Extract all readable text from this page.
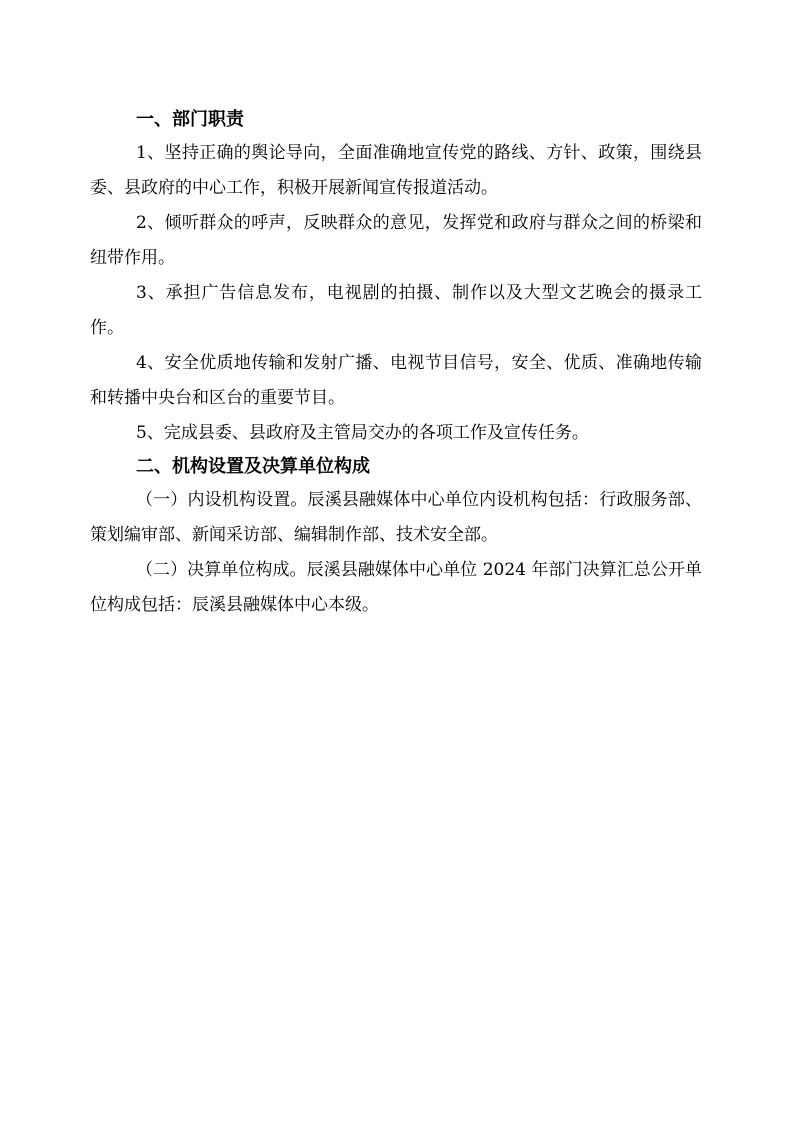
一、部门职责

1、坚持正确的舆论导向，全面准确地宣传党的路线、方针、政策，围绕县委、县政府的中心工作，积极开展新闻宣传报道活动。

2、倾听群众的呼声，反映群众的意见，发挥党和政府与群众之间的桥梁和纽带作用。

3、承担广告信息发布，电视剧的拍摄、制作以及大型文艺晚会的摄录工作。

4、安全优质地传输和发射广播、电视节目信号，安全、优质、准确地传输和转播中央台和区台的重要节目。

5、完成县委、县政府及主管局交办的各项工作及宣传任务。

二、机构设置及决算单位构成

（一）内设机构设置。辰溪县融媒体中心单位内设机构包括：行政服务部、策划编审部、新闻采访部、编辑制作部、技术安全部。

（二）决算单位构成。辰溪县融媒体中心单位 2024 年部门决算汇总公开单位构成包括：辰溪县融媒体中心本级。
